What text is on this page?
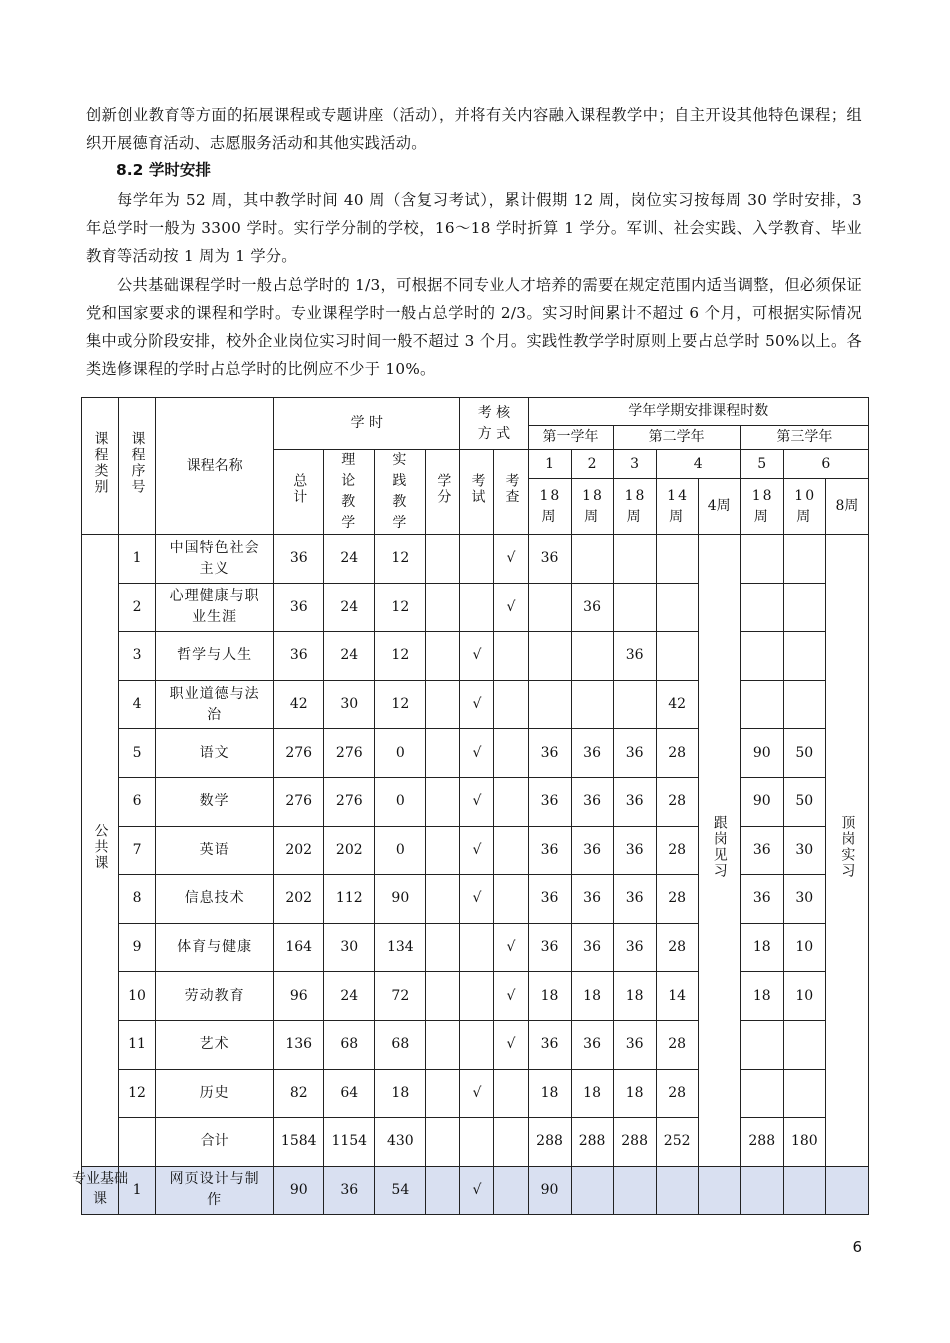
创新创业教育等方面的拓展课程或专题讲座（活动），并将有关内容融入课程教学中；自主开设其他特色课程；组织开展德育活动、志愿服务活动和其他实践活动。
8.2 学时安排
每学年为 52 周，其中教学时间 40 周（含复习考试），累计假期 12 周，岗位实习按每周 30 学时安排，3 年总学时一般为 3300 学时。实行学分制的学校，16～18 学时折算 1 学分。军训、社会实践、入学教育、毕业教育等活动按 1 周为 1 学分。
公共基础课程学时一般占总学时的 1/3，可根据不同专业人才培养的需要在规定范围内适当调整，但必须保证党和国家要求的课程和学时。专业课程学时一般占总学时的 2/3。实习时间累计不超过 6 个月，可根据实际情况集中或分阶段安排，校外企业岗位实习时间一般不超过 3 个月。实践性教学学时原则上要占总学时 50%以上。各类选修课程的学时占总学时的比例应不少于 10%。
课程类别	课程序号	课程名称	学 时				考 核
方 式		学年学期安排课程时数							
									第一学年		第二学年			第三学年		
			总计	理论教学	实践教学	学分	考试	考查	1	2	3	4		5	6	
									18周	18周	18周	14周	4周	18周	10周	8周
公共课	1	中国特色社会主义	36	24	12			√	36				跟岗见习			顶岗实习
	2	心理健康与职业生涯	36	24	12			√		36						
	3	哲学与人生	36	24	12		√				36					
	4	职业道德与法治	42	30	12		√					42				
	5	语文	276	276	0		√		36	36	36	28		90	50	
	6	数学	276	276	0		√		36	36	36	28		90	50	
	7	英语	202	202	0		√		36	36	36	28		36	30	
	8	信息技术	202	112	90		√		36	36	36	28		36	30	
	9	体育与健康	164	30	134			√	36	36	36	28		18	10	
	10	劳动教育	96	24	72			√	18	18	18	14		18	10	
	11	艺术	136	68	68			√	36	36	36	28				
	12	历史	82	64	18		√		18	18	18	28				
		合计	1584	1154	430				288	288	288	252		288	180	

专业基础课	1	网页设计与制作	90	36	54		√		90							
6
